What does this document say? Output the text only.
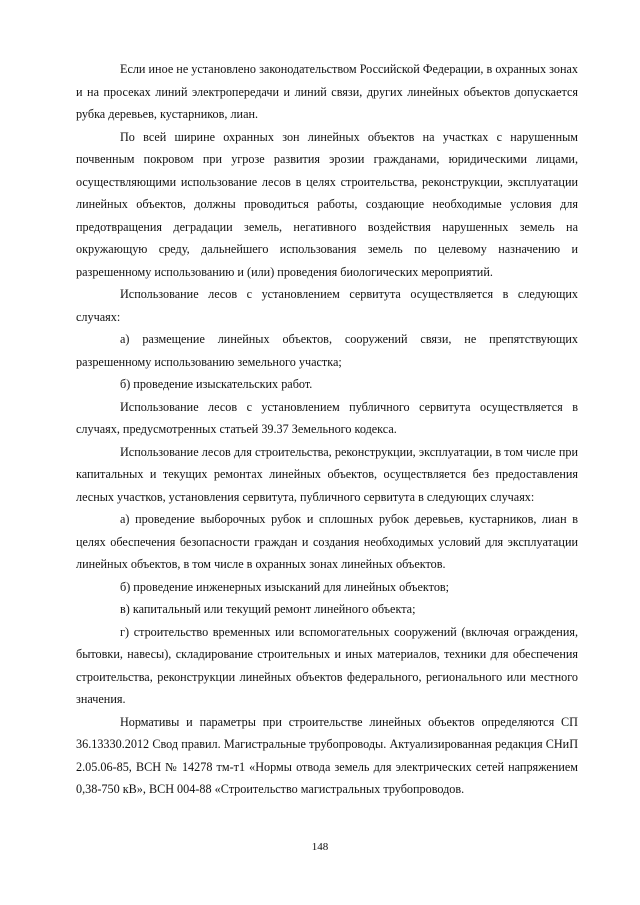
Если иное не установлено законодательством Российской Федерации, в охранных зонах и на просеках линий электропередачи и линий связи, других линейных объектов допускается рубка деревьев, кустарников, лиан.

По всей ширине охранных зон линейных объектов на участках с нарушенным почвенным покровом при угрозе развития эрозии гражданами, юридическими лицами, осуществляющими использование лесов в целях строительства, реконструкции, эксплуатации линейных объектов, должны проводиться работы, создающие необходимые условия для предотвращения деградации земель, негативного воздействия нарушенных земель на окружающую среду, дальнейшего использования земель по целевому назначению и разрешенному использованию и (или) проведения биологических мероприятий.

Использование лесов с установлением сервитута осуществляется в следующих случаях:

а) размещение линейных объектов, сооружений связи, не препятствующих разрешенному использованию земельного участка;

б) проведение изыскательских работ.

Использование лесов с установлением публичного сервитута осуществляется в случаях, предусмотренных статьей 39.37 Земельного кодекса.

Использование лесов для строительства, реконструкции, эксплуатации, в том числе при капитальных и текущих ремонтах линейных объектов, осуществляется без предоставления лесных участков, установления сервитута, публичного сервитута в следующих случаях:

а) проведение выборочных рубок и сплошных рубок деревьев, кустарников, лиан в целях обеспечения безопасности граждан и создания необходимых условий для эксплуатации линейных объектов, в том числе в охранных зонах линейных объектов.

б) проведение инженерных изысканий для линейных объектов;

в) капитальный или текущий ремонт линейного объекта;

г) строительство временных или вспомогательных сооружений (включая ограждения, бытовки, навесы), складирование строительных и иных материалов, техники для обеспечения строительства, реконструкции линейных объектов федерального, регионального или местного значения.

Нормативы и параметры при строительстве линейных объектов определяются СП 36.13330.2012 Свод правил. Магистральные трубопроводы. Актуализированная редакция СНиП 2.05.06-85, ВСН № 14278 тм-т1 «Нормы отвода земель для электрических сетей напряжением 0,38-750 кВ», ВСН 004-88 «Строительство магистральных трубопроводов.

148
